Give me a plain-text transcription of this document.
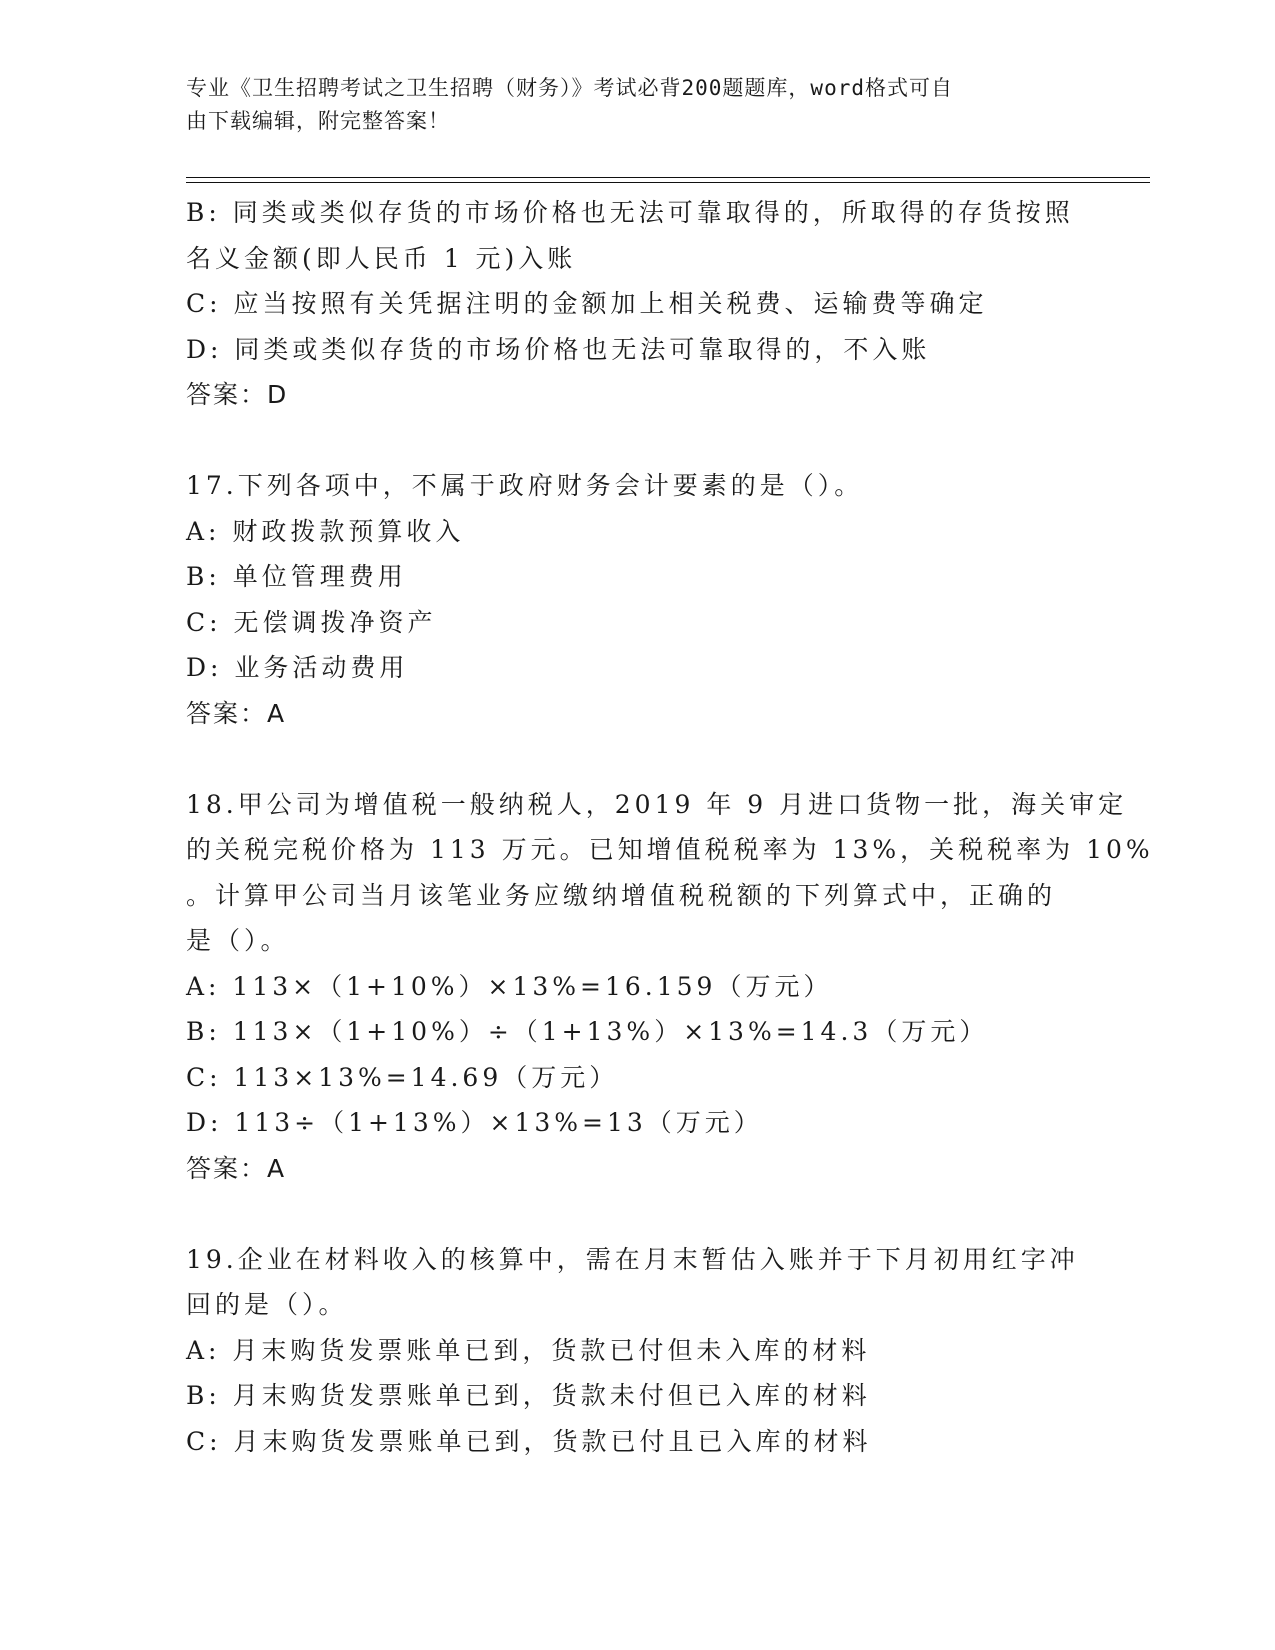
专业《卫生招聘考试之卫生招聘（财务）》考试必背200题题库，word格式可自
由下载编辑，附完整答案！
B: 同类或类似存货的市场价格也无法可靠取得的，所取得的存货按照
名义金额(即人民币 1 元)入账
C: 应当按照有关凭据注明的金额加上相关税费、运输费等确定
D: 同类或类似存货的市场价格也无法可靠取得的，不入账
答案：D
17.下列各项中，不属于政府财务会计要素的是（）。
A: 财政拨款预算收入
B: 单位管理费用
C: 无偿调拨净资产
D: 业务活动费用
答案：A
18.甲公司为增值税一般纳税人，2019 年 9 月进口货物一批，海关审定
的关税完税价格为 113 万元。已知增值税税率为 13%，关税税率为 10%
。计算甲公司当月该笔业务应缴纳增值税税额的下列算式中，正确的
是（）。
A: 113×（1+10%）×13%=16.159（万元）
B: 113×（1+10%）÷（1+13%）×13%=14.3（万元）
C: 113×13%=14.69（万元）
D: 113÷（1+13%）×13%=13（万元）
答案：A
19.企业在材料收入的核算中，需在月末暂估入账并于下月初用红字冲
回的是（）。
A: 月末购货发票账单已到，货款已付但未入库的材料
B: 月末购货发票账单已到，货款未付但已入库的材料
C: 月末购货发票账单已到，货款已付且已入库的材料
